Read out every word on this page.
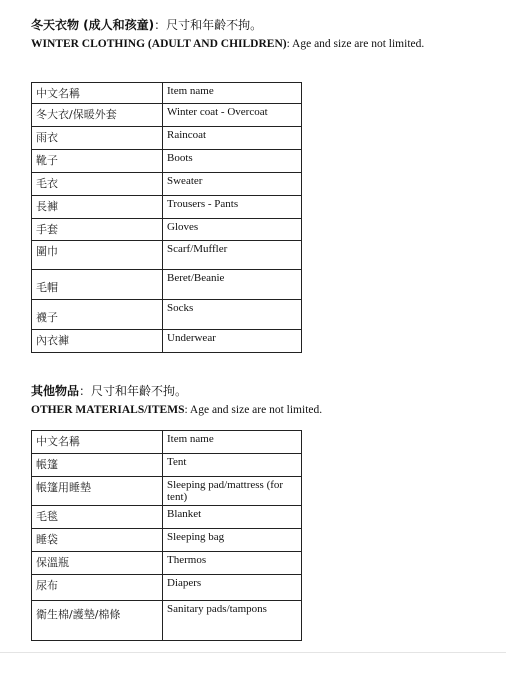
冬天衣物 (成人和孩童)：尺寸和年齡不拘。
WINTER CLOTHING (ADULT AND CHILDREN): Age and size are not limited.
中文名稱	Item name
冬大衣/保暖外套	Winter coat - Overcoat
雨衣	Raincoat
靴子	Boots
毛衣	Sweater
長褲	Trousers - Pants
手套	Gloves
圍巾	Scarf/Muffler
毛帽	Beret/Beanie
襪子	Socks
內衣褲	Underwear
其他物品：尺寸和年齡不拘。
OTHER MATERIALS/ITEMS: Age and size are not limited.
中文名稱	Item name
帳篷	Tent
帳篷用睡墊	Sleeping pad/mattress (for tent)
毛毯	Blanket
睡袋	Sleeping bag
保溫瓶	Thermos
尿布	Diapers
衛生棉/護墊/棉條	Sanitary pads/tampons
